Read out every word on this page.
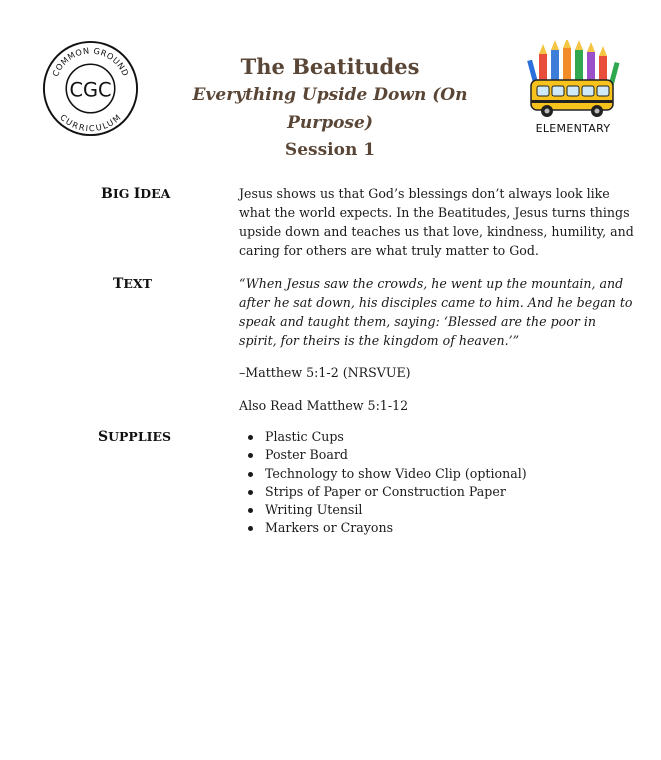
COMMON GROUND
CURRICULUM
CGC
The Beatitudes
Everything Upside Down (On Purpose)
Session 1
ELEMENTARY
BIG IDEA	Jesus shows us that God’s blessings don’t always look like what the world expects. In the Beatitudes, Jesus turns things upside down and teaches us that love, kindness, humility, and caring for others are what truly matter to God.
TEXT	“When Jesus saw the crowds, he went up the mountain, and after he sat down, his disciples came to him. And he began to speak and taught them, saying: ‘Blessed are the poor in spirit, for theirs is the kingdom of heaven.’”
–Matthew 5:1-2 (NRSVUE)
Also Read Matthew 5:1-12
SUPPLIES	Plastic Cups
Poster Board
Technology to show Video Clip (optional)
Strips of Paper or Construction Paper
Writing Utensil
Markers or Crayons
